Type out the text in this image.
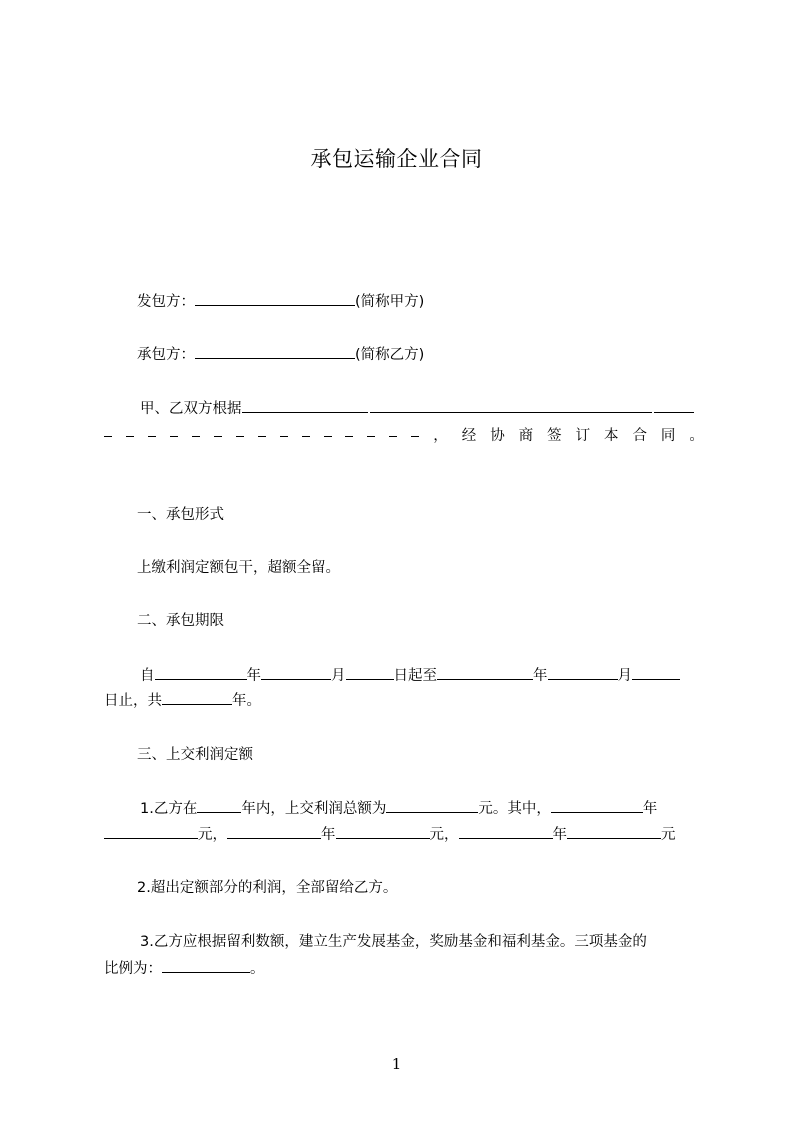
承包运输企业合同
发包方：	(简称甲方)
承包方：	(简称乙方)
甲、乙双方根据
， 经 协 商 签 订 本 合 同 。
一、承包形式
上缴利润定额包干，超额全留。
二、承包期限
自	年	月	日起至	年	月
日止，共	年。
三、上交利润定额
1.乙方在	年内，上交利润总额为	元。其中，	年
元，	年	元，	年	元
2.超出定额部分的利润，全部留给乙方。
3.乙方应根据留利数额，建立生产发展基金，奖励基金和福利基金。三项基金的
比例为：	。
1
